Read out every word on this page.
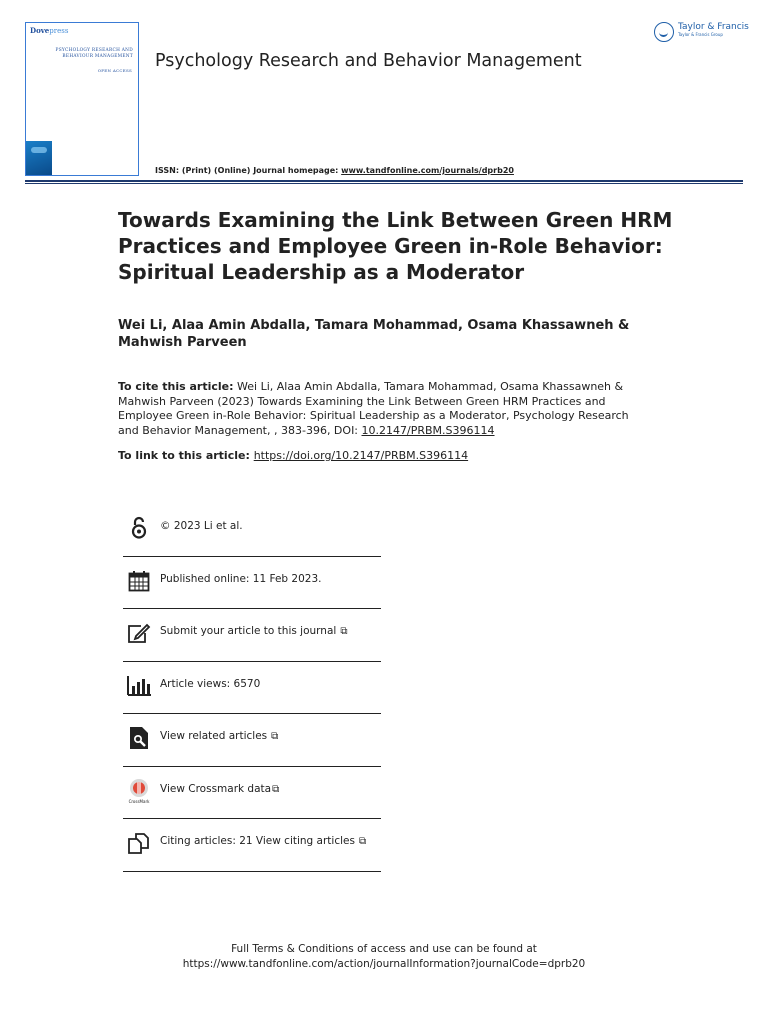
Dovepress
PSYCHOLOGY RESEARCH AND BEHAVIOUR MANAGEMENT
OPEN ACCESS Psychology Research and Behavior Management
Taylor & Francis
Taylor & Francis Group
ISSN: (Print) (Online) Journal homepage: www.tandfonline.com/journals/dprb20
Towards Examining the Link Between Green HRM Practices and Employee Green in-Role Behavior: Spiritual Leadership as a Moderator
Wei Li, Alaa Amin Abdalla, Tamara Mohammad, Osama Khassawneh & Mahwish Parveen
To cite this article: Wei Li, Alaa Amin Abdalla, Tamara Mohammad, Osama Khassawneh & Mahwish Parveen (2023) Towards Examining the Link Between Green HRM Practices and Employee Green in-Role Behavior: Spiritual Leadership as a Moderator, Psychology Research and Behavior Management, , 383-396, DOI: 10.2147/PRBM.S396114
To link to this article: https://doi.org/10.2147/PRBM.S396114
© 2023 Li et al.
Published online: 11 Feb 2023.
Submit your article to this journal ⧉
Article views: 6570
View related articles ⧉
CrossMark
View Crossmark data⧉
Citing articles: 21 View citing articles ⧉
Full Terms & Conditions of access and use can be found at
https://www.tandfonline.com/action/journalInformation?journalCode=dprb20
